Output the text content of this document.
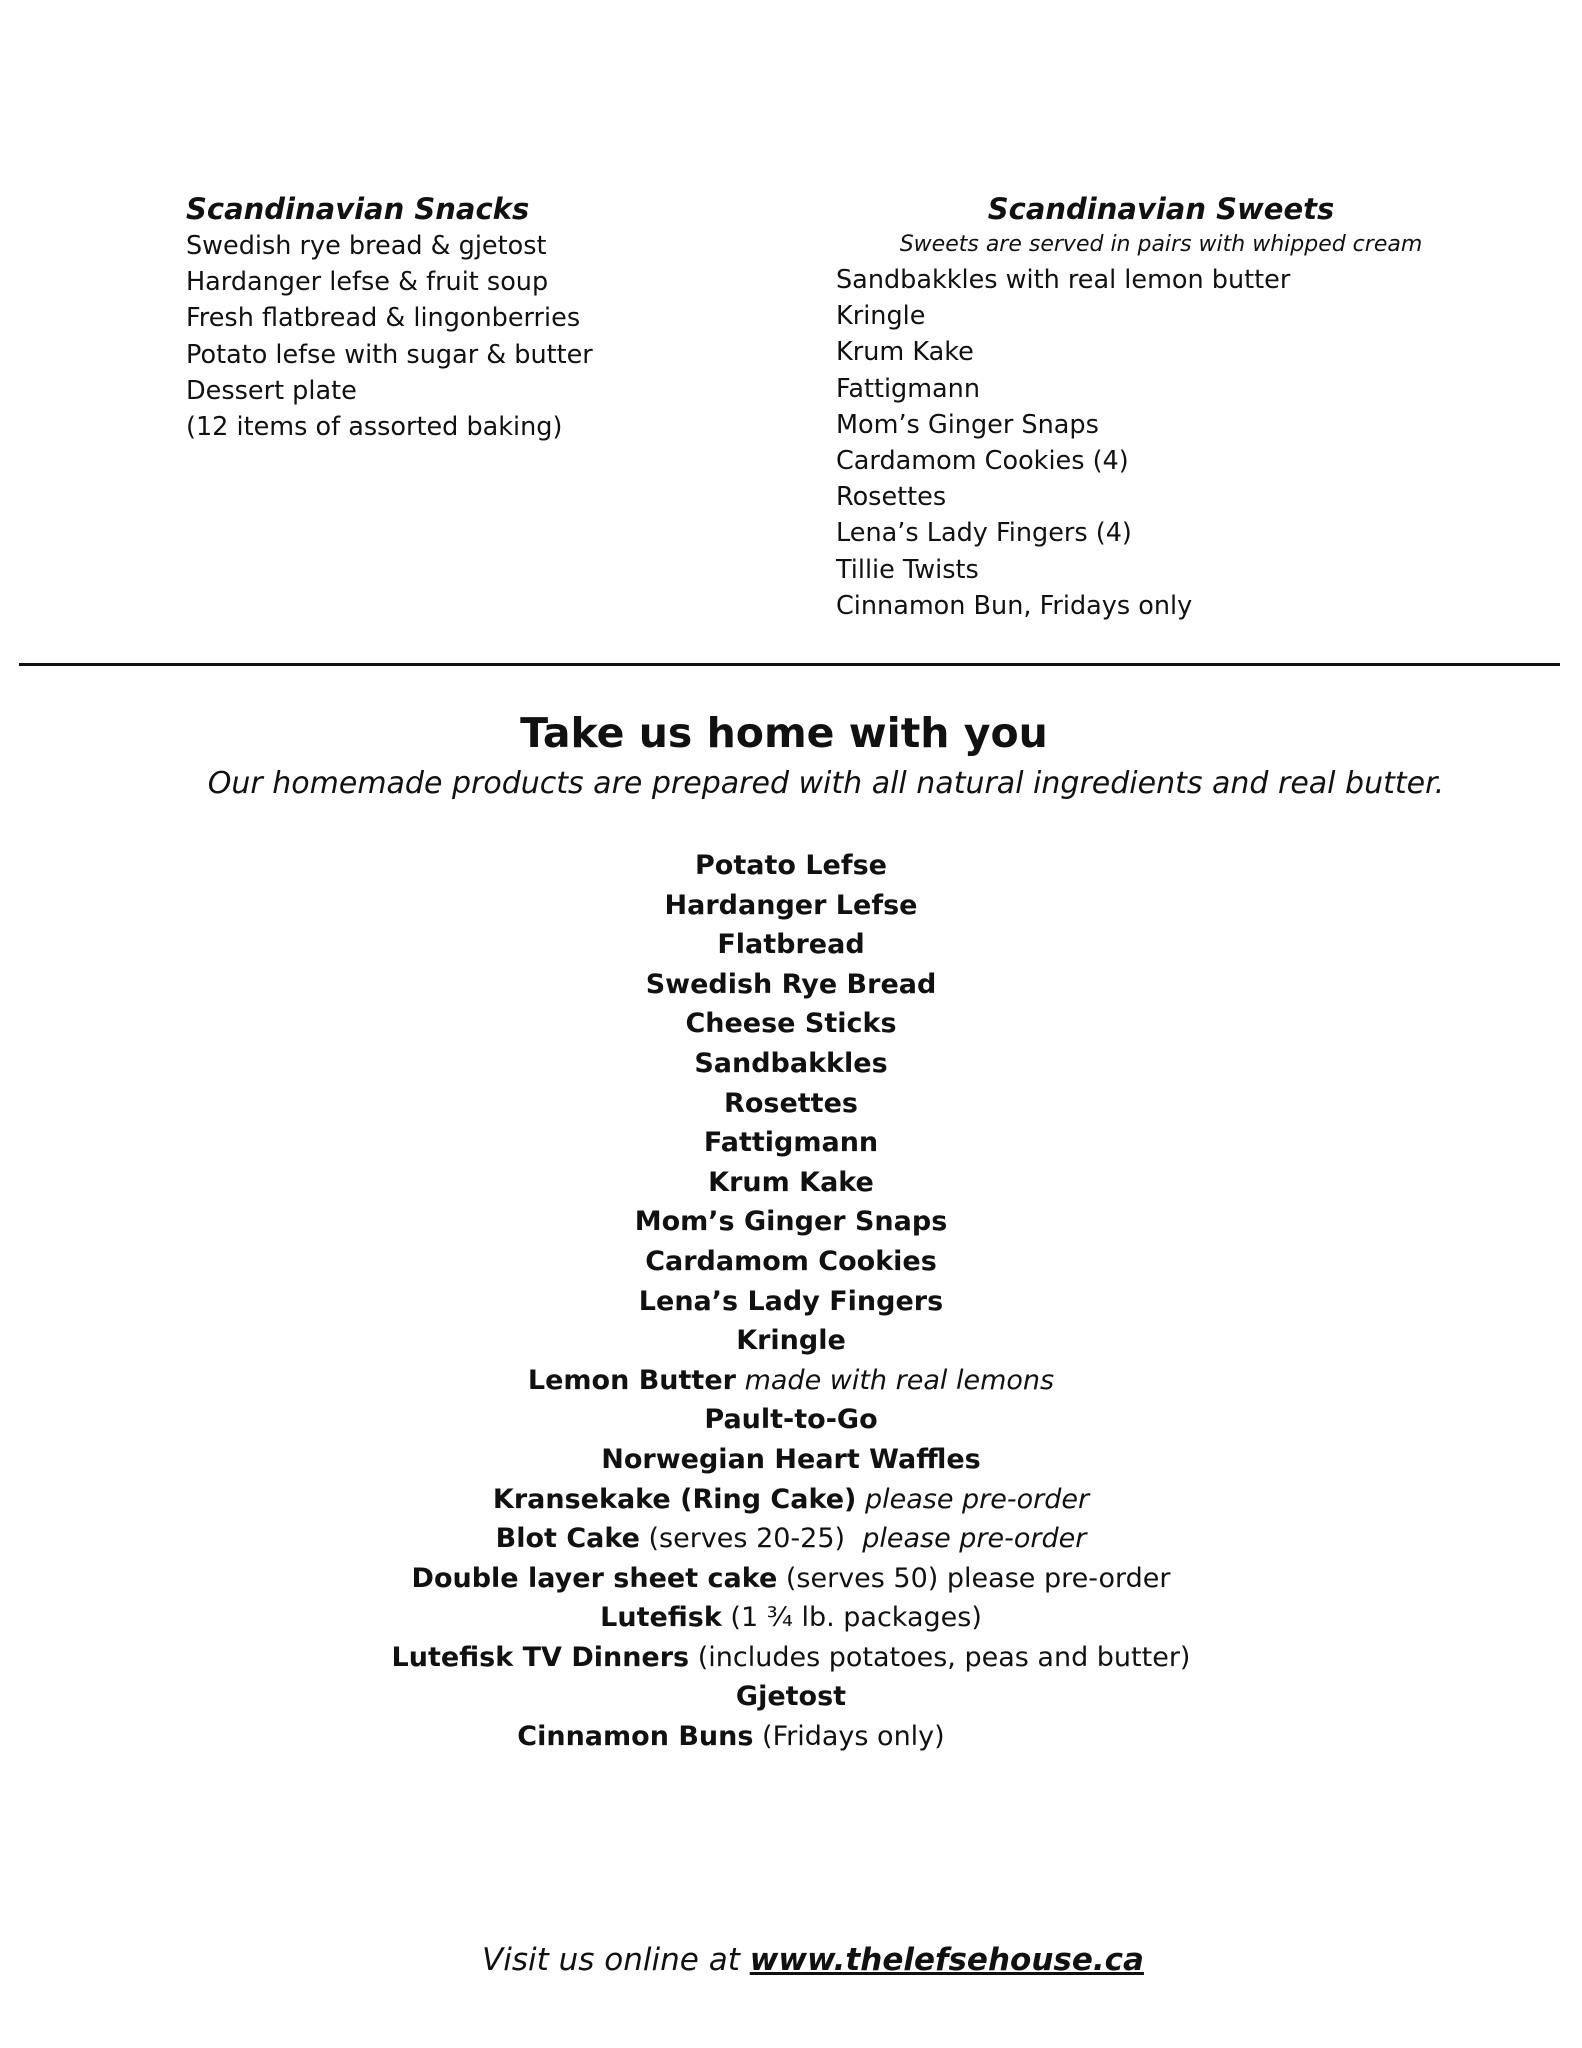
Scandinavian Snacks
Swedish rye bread & gjetost
Hardanger lefse & fruit soup
Fresh flatbread & lingonberries
Potato lefse with sugar & butter
Dessert plate
(12 items of assorted baking)
Scandinavian Sweets
Sweets are served in pairs with whipped cream
Sandbakkles with real lemon butter
Kringle
Krum Kake
Fattigmann
Mom’s Ginger Snaps
Cardamom Cookies (4)
Rosettes
Lena’s Lady Fingers (4)
Tillie Twists
Cinnamon Bun, Fridays only
Take us home with you
Our homemade products are prepared with all natural ingredients and real butter.
Potato Lefse
Hardanger Lefse
Flatbread
Swedish Rye Bread
Cheese Sticks
Sandbakkles
Rosettes
Fattigmann
Krum Kake
Mom’s Ginger Snaps
Cardamom Cookies
Lena’s Lady Fingers
Kringle
Lemon Butter made with real lemons
Pault-to-Go
Norwegian Heart Waffles
Kransekake (Ring Cake) please pre-order
Blot Cake (serves 20-25) please pre-order
Double layer sheet cake (serves 50) please pre-order
Lutefisk (1 ¾ lb. packages)
Lutefisk TV Dinners (includes potatoes, peas and butter)
Gjetost
Cinnamon Buns (Fridays only)
Visit us online at www.thelefsehouse.ca
